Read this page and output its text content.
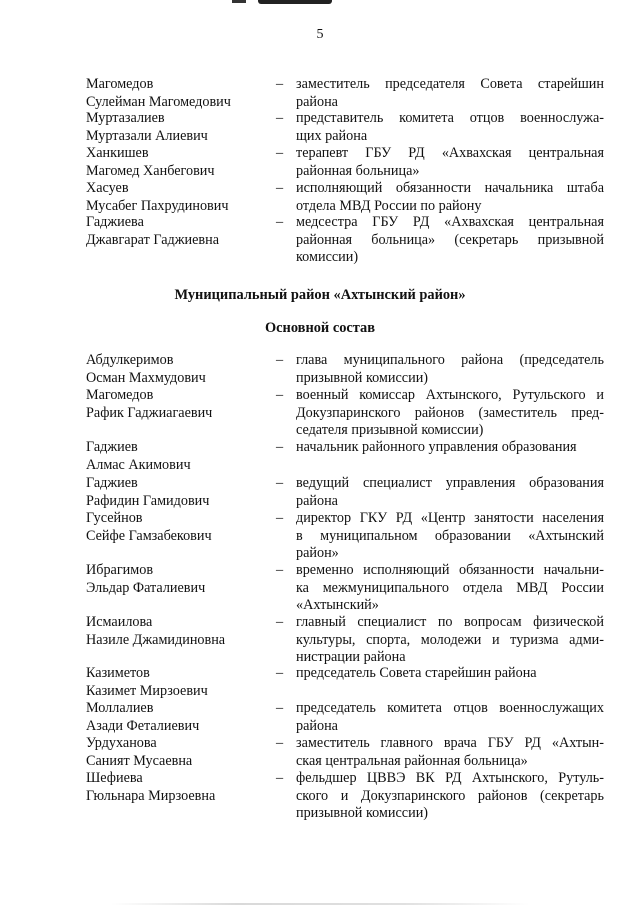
5
Магомедов
Сулейман Магомедович
– заместитель председателя Совета старейшин
района
Муртазалиев
Муртазали Алиевич
– представитель комитета отцов военнослужа-
щих района
Ханкишев
Магомед Ханбегович
– терапевт ГБУ РД «Ахвахская центральная
районная больница»
Хасуев
Мусабег Пахрудинович
– исполняющий обязанности начальника штаба
отдела МВД России по району
Гаджиева
Джавгарат Гаджиевна
– медсестра ГБУ РД «Ахвахская центральная
районная больница» (секретарь призывной
комиссии)
Муниципальный район «Ахтынский район»
Основной состав
Абдулкеримов
Осман Махмудович
– глава муниципального района (председатель
призывной комиссии)
Магомедов
Рафик Гаджиагаевич
– военный комиссар Ахтынского, Рутульского и
Докузпаринского районов (заместитель пред-
седателя призывной комиссии)
Гаджиев
Алмас Акимович
– начальник районного управления образования
Гаджиев
Рафидин Гамидович
– ведущий специалист управления образования
района
Гусейнов
Сейфе Гамзабекович
– директор ГКУ РД «Центр занятости населения
в муниципальном образовании «Ахтынский
район»
Ибрагимов
Эльдар Фаталиевич
– временно исполняющий обязанности начальни-
ка межмуниципального отдела МВД России
«Ахтынский»
Исмаилова
Назиле Джамидиновна
– главный специалист по вопросам физической
культуры, спорта, молодежи и туризма адми-
нистрации района
Казиметов
Казимет Мирзоевич
– председатель Совета старейшин района
Моллалиев
Азади Феталиевич
– председатель комитета отцов военнослужащих
района
Урдуханова
Саният Мусаевна
– заместитель главного врача ГБУ РД «Ахтын-
ская центральная районная больница»
Шефиева
Гюльнара Мирзоевна
– фельдшер ЦВВЭ ВК РД Ахтынского, Рутуль-
ского и Докузпаринского районов (секретарь
призывной комиссии)
